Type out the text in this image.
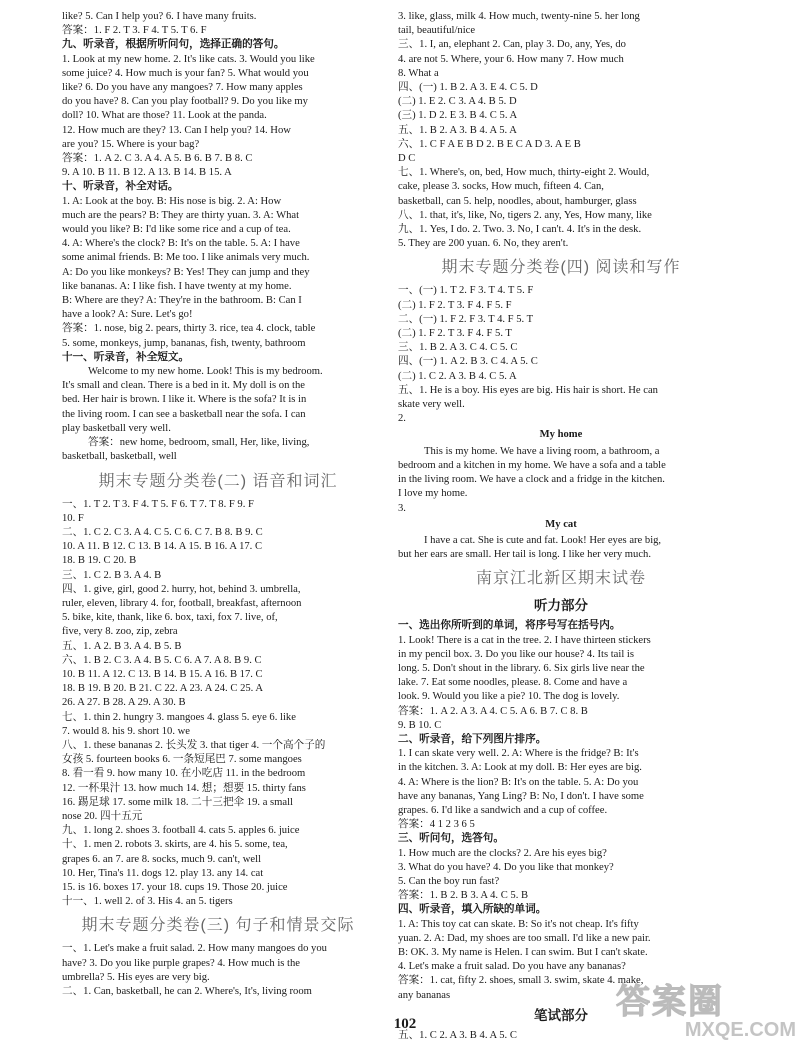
like? 5. Can I help you? 6. I have many fruits.
答案：1. F 2. T 3. F 4. T 5. T 6. F
九、听录音，根据所听问句，选择正确的答句。
1. Look at my new home. 2. It's like cats. 3. Would you like
some juice? 4. How much is your fan? 5. What would you
like? 6. Do you have any mangoes? 7. How many apples
do you have? 8. Can you play football? 9. Do you like my
doll? 10. What are those? 11. Look at the panda.
12. How much are they? 13. Can I help you? 14. How
are you? 15. Where is your bag?
答案：1. A 2. C 3. A 4. A 5. B 6. B 7. B 8. C
9. A 10. B 11. B 12. A 13. B 14. B 15. A
十、听录音，补全对话。
1. A: Look at the boy. B: His nose is big. 2. A: How
much are the pears? B: They are thirty yuan. 3. A: What
would you like? B: I'd like some rice and a cup of tea.
4. A: Where's the clock? B: It's on the table. 5. A: I have
some animal friends. B: Me too. I like animals very much.
A: Do you like monkeys? B: Yes! They can jump and they
like bananas. A: I like fish. I have twenty at my home.
B: Where are they? A: They're in the bathroom. B: Can I
have a look? A: Sure. Let's go!
答案：1. nose, big 2. pears, thirty 3. rice, tea 4. clock, table
5. some, monkeys, jump, bananas, fish, twenty, bathroom
十一、听录音，补全短文。
Welcome to my new home. Look! This is my bedroom.
It's small and clean. There is a bed in it. My doll is on the
bed. Her hair is brown. I like it. Where is the sofa? It is in
the living room. I can see a basketball near the sofa. I can
play basketball very well.
答案：new home, bedroom, small, Her, like, living,
basketball, basketball, well
期末专题分类卷(二) 语音和词汇
一、1. T 2. T 3. F 4. T 5. F 6. T 7. T 8. F 9. F
10. F
二、1. C 2. C 3. A 4. C 5. C 6. C 7. B 8. B 9. C
10. A 11. B 12. C 13. B 14. A 15. B 16. A 17. C
18. B 19. C 20. B
三、1. C 2. B 3. A 4. B
四、1. give, girl, good 2. hurry, hot, behind 3. umbrella,
ruler, eleven, library 4. for, football, breakfast, afternoon
5. bike, kite, thank, like 6. box, taxi, fox 7. live, of,
five, very 8. zoo, zip, zebra
五、1. A 2. B 3. A 4. B 5. B
六、1. B 2. C 3. A 4. B 5. C 6. A 7. A 8. B 9. C
10. B 11. A 12. C 13. B 14. B 15. A 16. B 17. C
18. B 19. B 20. B 21. C 22. A 23. A 24. C 25. A
26. A 27. B 28. A 29. A 30. B
七、1. thin 2. hungry 3. mangoes 4. glass 5. eye 6. like
7. would 8. his 9. short 10. we
八、1. these bananas 2. 长头发 3. that tiger 4. 一个高个子的
女孩 5. fourteen books 6. 一条短尾巴 7. some mangoes
8. 看一看 9. how many 10. 在小吃店 11. in the bedroom
12. 一杯果汁 13. how much 14. 想；想要 15. thirty fans
16. 踢足球 17. some milk 18. 二十三把伞 19. a small
nose 20. 四十五元
九、1. long 2. shoes 3. football 4. cats 5. apples 6. juice
十、1. men 2. robots 3. skirts, are 4. his 5. some, tea,
grapes 6. an 7. are 8. socks, much 9. can't, well
10. Her, Tina's 11. dogs 12. play 13. any 14. cat
15. is 16. boxes 17. your 18. cups 19. Those 20. juice
十一、1. well 2. of 3. His 4. an 5. tigers
期末专题分类卷(三) 句子和情景交际
一、1. Let's make a fruit salad. 2. How many mangoes do you
have? 3. Do you like purple grapes? 4. How much is the
umbrella? 5. His eyes are very big.
二、1. Can, basketball, he can 2. Where's, It's, living room
3. like, glass, milk 4. How much, twenty-nine 5. her long
tail, beautiful/nice
三、1. I, an, elephant 2. Can, play 3. Do, any, Yes, do
4. are not 5. Where, your 6. How many 7. How much
8. What a
四、(一) 1. B 2. A 3. E 4. C 5. D
(二) 1. E 2. C 3. A 4. B 5. D
(三) 1. D 2. E 3. B 4. C 5. A
五、1. B 2. A 3. B 4. A 5. A
六、1. C F A E B D 2. B E C A D 3. A E B
D C
七、1. Where's, on, bed, How much, thirty-eight 2. Would,
cake, please 3. socks, How much, fifteen 4. Can,
basketball, can 5. help, noodles, about, hamburger, glass
八、1. that, it's, like, No, tigers 2. any, Yes, How many, like
九、1. Yes, I do. 2. Two. 3. No, I can't. 4. It's in the desk.
5. They are 200 yuan. 6. No, they aren't.
期末专题分类卷(四) 阅读和写作
一、(一) 1. T 2. F 3. T 4. T 5. F
(二) 1. F 2. T 3. F 4. F 5. F
二、(一) 1. F 2. F 3. T 4. F 5. T
(二) 1. F 2. T 3. F 4. F 5. T
三、1. B 2. A 3. C 4. C 5. C
四、(一) 1. A 2. B 3. C 4. A 5. C
(二) 1. C 2. A 3. B 4. C 5. A
五、1. He is a boy. His eyes are big. His hair is short. He can
skate very well.
2.
My home
This is my home. We have a living room, a bathroom, a
bedroom and a kitchen in my home. We have a sofa and a table
in the living room. We have a clock and a fridge in the kitchen.
I love my home.
3.
My cat
I have a cat. She is cute and fat. Look! Her eyes are big,
but her ears are small. Her tail is long. I like her very much.
南京江北新区期末试卷
听力部分
一、选出你所听到的单词，将序号写在括号内。
1. Look! There is a cat in the tree. 2. I have thirteen stickers
in my pencil box. 3. Do you like our house? 4. Its tail is
long. 5. Don't shout in the library. 6. Six girls live near the
lake. 7. Eat some noodles, please. 8. Come and have a
look. 9. Would you like a pie? 10. The dog is lovely.
答案：1. A 2. A 3. A 4. C 5. A 6. B 7. C 8. B
9. B 10. C
二、听录音，给下列图片排序。
1. I can skate very well. 2. A: Where is the fridge? B: It's
in the kitchen. 3. A: Look at my doll. B: Her eyes are big.
4. A: Where is the lion? B: It's on the table. 5. A: Do you
have any bananas, Yang Ling? B: No, I don't. I have some
grapes. 6. I'd like a sandwich and a cup of coffee.
答案：4 1 2 3 6 5
三、听问句，选答句。
1. How much are the clocks? 2. Are his eyes big?
3. What do you have? 4. Do you like that monkey?
5. Can the boy run fast?
答案：1. B 2. B 3. A 4. C 5. B
四、听录音，填入所缺的单词。
1. A: This toy cat can skate. B: So it's not cheap. It's fifty
yuan. 2. A: Dad, my shoes are too small. I'd like a new pair.
B: OK. 3. My name is Helen. I can swim. But I can't skate.
4. Let's make a fruit salad. Do you have any bananas?
答案：1. cat, fifty 2. shoes, small 3. swim, skate 4. make,
any bananas
笔试部分
五、1. C 2. A 3. B 4. A 5. C
102
答案圈
MXQE.COM
